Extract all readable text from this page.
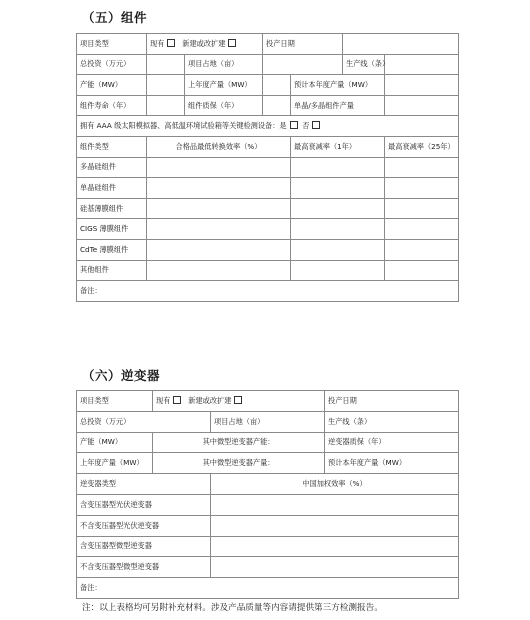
（五）组件
项目类型	现有 新建或改扩建		投产日期			
总投资（万元）		项目占地（亩）			生产线（条）	
产能（MW）		上年度产量（MW）		预计本年度产量（MW）		
组件寿命（年）		组件质保（年）		单晶/多晶组件产量		
拥有 AAA 级太阳模拟器、高低温环境试验箱等关键检测设备：是 否						
组件类型	合格品最低转换效率（%）			最高衰减率（1年）		最高衰减率（25年）
多晶硅组件						
单晶硅组件						
硅基薄膜组件						
CIGS 薄膜组件						
CdTe 薄膜组件						
其他组件						
备注：						
（六）逆变器
项目类型	现有 新建或改扩建		投产日期
总投资（万元）		项目占地（亩）	生产线（条）
产能（MW）	其中微型逆变器产能：		逆变器质保（年）
上年度产量（MW）	其中微型逆变器产量：		预计本年度产量（MW）
逆变器类型		中国加权效率（%）	
含变压器型光伏逆变器			
不含变压器型光伏逆变器			
含变压器型微型逆变器			
不含变压器型微型逆变器			
备注：			
注：以上表格均可另附补充材料。涉及产品质量等内容请提供第三方检测报告。
